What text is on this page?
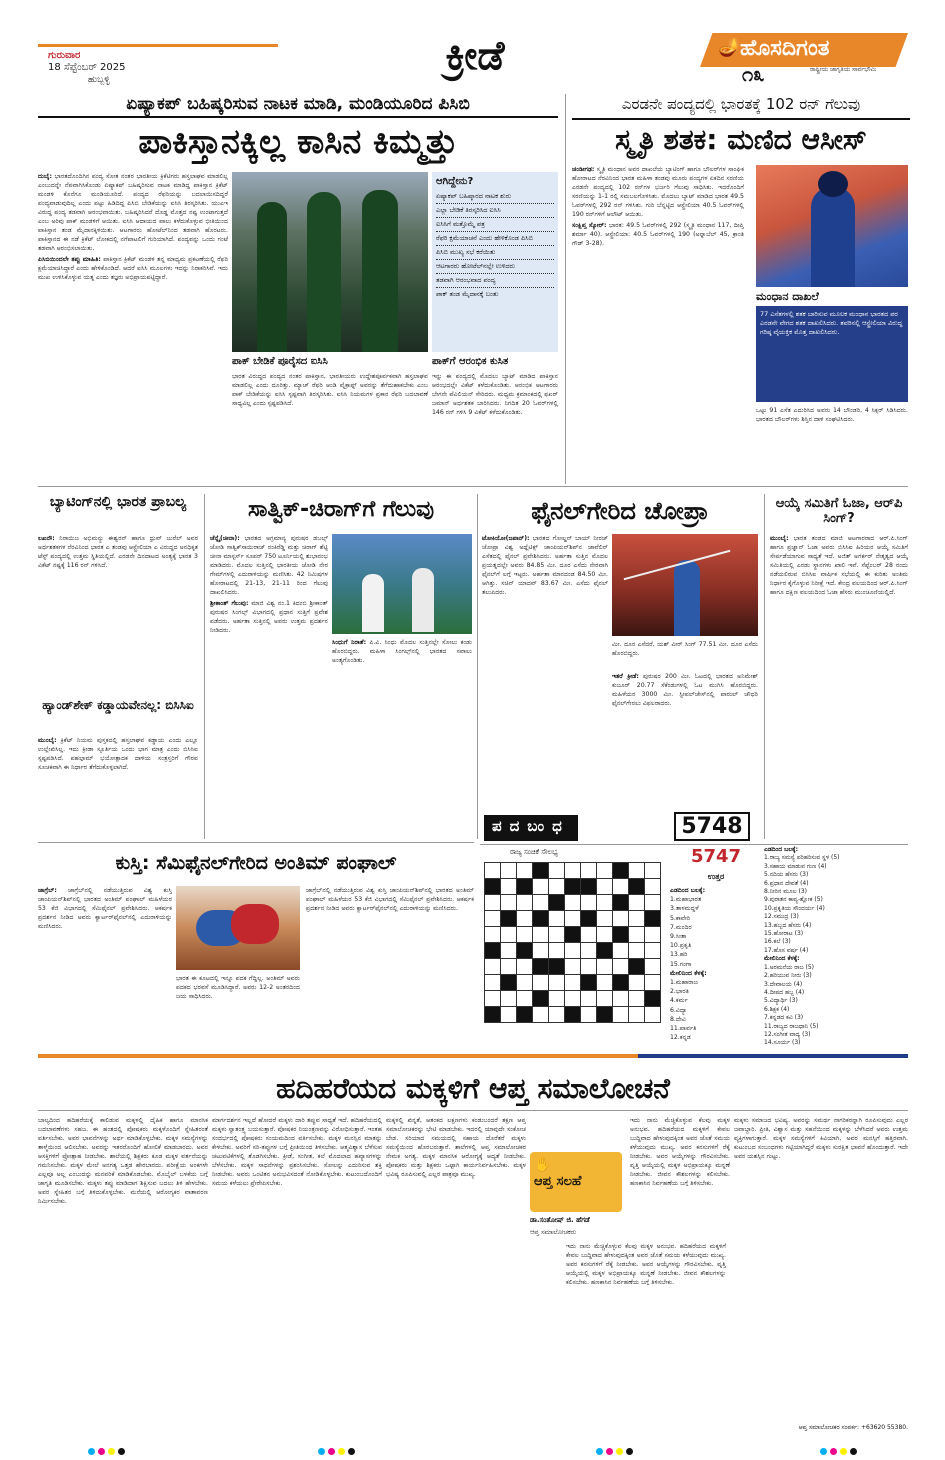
ಗುರುವಾರ
18 ಸೆಪ್ಟೆಂಬರ್ 2025
ಹುಬ್ಬಳ್ಳಿ
ಕ್ರೀಡೆ	🪔 ಹೊಸದಿಗಂತ
ರಾಷ್ಟ್ರೀಯ ಜಾಗೃತಿಯ ಸಾರ್ವಭೌಮಿ
೧೩
ಏಷ್ಯಾಕಪ್ ಬಹಿಷ್ಕರಿಸುವ ನಾಟಕ ಮಾಡಿ, ಮಂಡಿಯೂರಿದ ಪಿಸಿಬಿ
ಪಾಕಿಸ್ತಾನಕ್ಕಿಲ್ಲ ಕಾಸಿನ ಕಿಮ್ಮತ್ತು

ದುಬೈ: ಭಾರತದೊಂದಿಗಿನ ಪಂದ್ಯ ಸೋತ ನಂತರ ಭಾರತೀಯ ಕ್ರಿಕೆಟಿಗರು ಹಸ್ತಲಾಘವ ಮಾಡಲಿಲ್ಲ ಎಂಬುದನ್ನೇ ನೆಪವಾಗಿಸಿಕೊಂಡು ಏಷ್ಯಾಕಪ್ ಬಹಿಷ್ಕರಿಸುವ ನಾಟಕ ಮಾಡಿದ್ದ ಪಾಕಿಸ್ತಾನ ಕ್ರಿಕೆಟ್ ಮಂಡಳಿ ಕೊನೆಗೂ ಮಂಡಿಯೂರಿದೆ. ಪಂದ್ಯದ ರೆಫರಿಯನ್ನು ಬದಲಾಯಿಸದಿದ್ದರೆ ಪಂದ್ಯವಾಡುವುದಿಲ್ಲ ಎಂದು ಪಟ್ಟು ಹಿಡಿದಿದ್ದ ಪಿಸಿಬಿ ಬೇಡಿಕೆಯನ್ನು ಐಸಿಸಿ ತಿರಸ್ಕರಿಸಿತು. ಯುಎಇ ವಿರುದ್ಧ ಪಂದ್ಯ ತಡವಾಗಿ ಆರಂಭವಾಯಿತು. ಬಹಿಷ್ಕರಿಸಿದರೆ ದೊಡ್ಡ ಮೊತ್ತದ ನಷ್ಟ ಉಂಟಾಗುತ್ತದೆ ಎಂಬ ಅರಿವು ಪಾಕ್ ಮಂಡಳಿಗೆ ಆಯಿತು. ಐಸಿಸಿ ಆದಾಯದ ಪಾಲು ಕಳೆದುಕೊಳ್ಳುವ ಭೀತಿಯಿಂದ ಪಾಕಿಸ್ತಾನ ತಂಡ ಮೈದಾನಕ್ಕಿಳಿಯಿತು. ಆಟಗಾರರು ಹೋಟೆಲ್‌ನಿಂದ ತಡವಾಗಿ ಹೊರಟರು. ಪಾಕಿಸ್ತಾನದ ಈ ನಡೆ ಕ್ರಿಕೆಟ್ ಲೋಕದಲ್ಲಿ ನಗೆಪಾಟಲಿಗೆ ಗುರಿಯಾಗಿದೆ. ಪಂದ್ಯವನ್ನು ಒಂದು ಗಂಟೆ ತಡವಾಗಿ ಆರಂಭಿಸಲಾಯಿತು.

ಪಿಸಿಬಿಯಿಂದಲೇ ತಪ್ಪು ಮಾಹಿತಿ: ಪಾಕಿಸ್ತಾನ ಕ್ರಿಕೆಟ್ ಮಂಡಳಿ ತನ್ನ ಮಾಧ್ಯಮ ಪ್ರಕಟಣೆಯಲ್ಲಿ ರೆಫರಿ ಕ್ಷಮೆಯಾಚಿಸಿದ್ದಾರೆ ಎಂದು ಹೇಳಿಕೊಂಡಿದೆ. ಆದರೆ ಐಸಿಸಿ ಮೂಲಗಳು ಇದನ್ನು ನಿರಾಕರಿಸಿವೆ. ಇದು ಮುಖ ಉಳಿಸಿಕೊಳ್ಳುವ ಯತ್ನ ಎಂದು ತಜ್ಞರು ಅಭಿಪ್ರಾಯಪಟ್ಟಿದ್ದಾರೆ.

ಪಾಕ್ ಬೇಡಿಕೆ ಪೂರೈಸದ ಐಸಿಸಿ
ಭಾರತ ವಿರುದ್ಧದ ಪಂದ್ಯದ ನಂತರ ಪಾಕಿಸ್ತಾನ, ಭಾರತೀಯರು ಉದ್ದೇಶಪೂರ್ವಕವಾಗಿ ಹಸ್ತಲಾಘವ ಮಾಡಲಿಲ್ಲ ಎಂದು ದೂರಿತ್ತು. ಮ್ಯಾಚ್ ರೆಫರಿ ಆಂಡಿ ಪೈಕ್ರಾಫ್ಟ್ ಅವರನ್ನು ತೆಗೆದುಹಾಕಬೇಕು ಎಂಬ ಪಾಕ್ ಬೇಡಿಕೆಯನ್ನು ಐಸಿಸಿ ಸ್ಪಷ್ಟವಾಗಿ ತಿರಸ್ಕರಿಸಿತು. ಐಸಿಸಿ ನಿಯಮಗಳ ಪ್ರಕಾರ ರೆಫರಿ ಬದಲಾವಣೆ ಸಾಧ್ಯವಿಲ್ಲ ಎಂದು ಸ್ಪಷ್ಟಪಡಿಸಿದೆ.
ಆಗಿದ್ದೇನು?
ಏಷ್ಯಾಕಪ್ ಬಹಿಷ್ಕಾರದ ನಾಟಕ ಶುರು
ಎಲ್ಲಾ ಬೇಡಿಕೆ ತಿರಸ್ಕರಿಸಿದ ಐಸಿಸಿ
ಐಸಿಸಿಗೆ ಮತ್ತೊಮ್ಮೆ ಪತ್ರ
ರೆಫರಿ ಕ್ಷಮೆಯಾಚನೆ ಎಂದು ಹೇಳಿಕೊಂಡ ಪಿಸಿಬಿ
ಪಿಸಿಬಿ ಮುಖ್ಯ ಸಭೆ ಕರೆಯಿತು
ಆಟಗಾರರು ಹೋಟೆಲ್‌ನಲ್ಲೇ ಉಳಿದರು
ತಡವಾಗಿ ಆರಂಭವಾದ ಪಂದ್ಯ
ಪಾಕ್ ತಂಡ ಮೈದಾನಕ್ಕೆ ಬಂತು
ಪಾಕ್‌ಗೆ ಆರಂಭಿಕ ಕುಸಿತ
ಇನ್ನು ಈ ಪಂದ್ಯದಲ್ಲಿ ಮೊದಲು ಬ್ಯಾಟ್ ಮಾಡಿದ ಪಾಕಿಸ್ತಾನ ಆರಂಭದಲ್ಲೇ ವಿಕೆಟ್ ಕಳೆದುಕೊಂಡಿತು. ಆರಂಭಿಕ ಆಟಗಾರರು ಬೇಗನೇ ಪೆವಿಲಿಯನ್ ಸೇರಿದರು. ಮಧ್ಯಮ ಕ್ರಮಾಂಕದಲ್ಲಿ ಫಖರ್ ಜಮಾನ್ ಅರ್ಧಶತಕ ಬಾರಿಸಿದರು. ನಿಗದಿತ 20 ಓವರ್‌ಗಳಲ್ಲಿ 146 ರನ್ ಗಳಿಸಿ 9 ವಿಕೆಟ್ ಕಳೆದುಕೊಂಡಿತು.
ಎರಡನೇ ಪಂದ್ಯದಲ್ಲಿ ಭಾರತಕ್ಕೆ 102 ರನ್ ಗೆಲುವು
ಸ್ಮೃತಿ ಶತಕ: ಮಣಿದ ಆಸೀಸ್

ಚಂಡೀಗಢ: ಸ್ಮೃತಿ ಮಂಧಾನ ಅವರ ದಾಖಲೆಯ ಬ್ಯಾಟಿಂಗ್ ಹಾಗೂ ಬೌಲರ್‌ಗಳ ಸಾಂಘಿಕ ಹೋರಾಟದ ನೆರವಿನಿಂದ ಭಾರತ ಮಹಿಳಾ ತಂಡವು ಮೂರು ಪಂದ್ಯಗಳ ಏಕದಿನ ಸರಣಿಯ ಎರಡನೇ ಪಂದ್ಯದಲ್ಲಿ 102 ರನ್‌ಗಳ ಭರ್ಜರಿ ಗೆಲುವು ಸಾಧಿಸಿತು. ಇದರೊಂದಿಗೆ ಸರಣಿಯನ್ನು 1-1 ರಲ್ಲಿ ಸಮಬಲಗೊಳಿಸಿತು. ಮೊದಲು ಬ್ಯಾಟ್ ಮಾಡಿದ ಭಾರತ 49.5 ಓವರ್‌ಗಳಲ್ಲಿ 292 ರನ್ ಗಳಿಸಿತು. ಗುರಿ ಬೆನ್ನಟ್ಟಿದ ಆಸ್ಟ್ರೇಲಿಯಾ 40.5 ಓವರ್‌ಗಳಲ್ಲಿ 190 ರನ್‌ಗಳಿಗೆ ಆಲೌಟ್ ಆಯಿತು.

ಸಂಕ್ಷಿಪ್ತ ಸ್ಕೋರ್: ಭಾರತ: 49.5 ಓವರ್‌ಗಳಲ್ಲಿ 292 (ಸ್ಮೃತಿ ಮಂಧಾನ 117, ದೀಪ್ತಿ ಶರ್ಮಾ 40). ಆಸ್ಟ್ರೇಲಿಯಾ: 40.5 ಓವರ್‌ಗಳಲ್ಲಿ 190 (ಅನ್ನಾಬೆಲ್ 45, ಕ್ರಾಂತಿ ಗೌಡ್ 3-28).

ಮಂಧಾನ ದಾಖಲೆ
77 ಎಸೆತಗಳಲ್ಲಿ ಶತಕ ಬಾರಿಸುವ ಮೂಲಕ ಮಂಧಾನ ಭಾರತದ ಪರ ಎರಡನೇ ವೇಗದ ಶತಕ ದಾಖಲಿಸಿದರು. ತವರಿನಲ್ಲಿ ಆಸ್ಟ್ರೇಲಿಯಾ ವಿರುದ್ಧ ಗರಿಷ್ಠ ವೈಯಕ್ತಿಕ ಮೊತ್ತ ದಾಖಲಿಸಿದರು.
ಒಟ್ಟು 91 ಎಸೆತ ಎದುರಿಸಿದ ಅವರು 14 ಬೌಂಡರಿ, 4 ಸಿಕ್ಸರ್ ಸಿಡಿಸಿದರು. ಭಾರತದ ಬೌಲರ್‌ಗಳು ಶಿಸ್ತಿನ ದಾಳಿ ಸಂಘಟಿಸಿದರು.
ಬ್ಯಾಟಿಂಗ್‌ನಲ್ಲಿ ಭಾರತ ಪ್ರಾಬಲ್ಯ
ಲಖನೌ: ನಿರಾಯಿಜ ಅಭಿಮನ್ಯು ಈಶ್ವರನ್ ಹಾಗೂ ಧ್ರುವ್ ಜುರೆಲ್ ಅವರ ಅರ್ಧಶತಕಗಳ ನೆರವಿನಿಂದ ಭಾರತ ಎ ತಂಡವು ಆಸ್ಟ್ರೇಲಿಯಾ ಎ ವಿರುದ್ಧದ ಅನಧಿಕೃತ ಟೆಸ್ಟ್ ಪಂದ್ಯದಲ್ಲಿ ಉತ್ತಮ ಸ್ಥಿತಿಯಲ್ಲಿದೆ. ಎರಡನೇ ದಿನದಾಟದ ಅಂತ್ಯಕ್ಕೆ ಭಾರತ 3 ವಿಕೆಟ್ ನಷ್ಟಕ್ಕೆ 116 ರನ್ ಗಳಿಸಿದೆ.
ಹ್ಯಾಂಡ್‌ಶೇಕ್ ಕಡ್ಡಾಯವೇನಲ್ಲ: ಬಿಸಿಸಿಐ
ಮುಂಬೈ: ಕ್ರಿಕೆಟ್ ನಿಯಮ ಪುಸ್ತಕದಲ್ಲಿ ಹಸ್ತಲಾಘವ ಕಡ್ಡಾಯ ಎಂದು ಎಲ್ಲೂ ಉಲ್ಲೇಖಿಸಿಲ್ಲ. ಇದು ಕ್ರೀಡಾ ಸ್ಫೂರ್ತಿಯ ಒಂದು ಭಾಗ ಮಾತ್ರ ಎಂದು ಬಿಸಿಸಿಐ ಸ್ಪಷ್ಟಪಡಿಸಿದೆ. ಪಹಲ್ಗಾಮ್ ಭಯೋತ್ಪಾದಕ ದಾಳಿಯ ಸಂತ್ರಸ್ತರಿಗೆ ಗೌರವ ಸೂಚಕವಾಗಿ ಈ ನಿರ್ಧಾರ ತೆಗೆದುಕೊಳ್ಳಲಾಗಿದೆ.
ಸಾತ್ವಿಕ್-ಚಿರಾಗ್‌ಗೆ ಗೆಲುವು

ಚೆನ್ನೈ(ಚೀನಾ): ಭಾರತದ ಅಗ್ರಮಾನ್ಯ ಪುರುಷರ ಡಬಲ್ಸ್ ಜೋಡಿ ಸಾತ್ವಿಕ್‌ಸಾಯಿರಾಜ್ ರಂಕಿರೆಡ್ಡಿ ಮತ್ತು ಚಿರಾಗ್ ಶೆಟ್ಟಿ ಚೀನಾ ಮಾಸ್ಟರ್ಸ್ ಸೂಪರ್ 750 ಟೂರ್ನಿಯಲ್ಲಿ ಶುಭಾರಂಭ ಮಾಡಿದರು. ಮೊದಲ ಸುತ್ತಿನಲ್ಲಿ ಭಾರತೀಯ ಜೋಡಿ ನೇರ ಗೇಮ್‌ಗಳಲ್ಲಿ ಎದುರಾಳಿಯನ್ನು ಮಣಿಸಿತು. 42 ನಿಮಿಷಗಳ ಹೋರಾಟದಲ್ಲಿ 21-13, 21-11 ರಿಂದ ಗೆಲುವು ದಾಖಲಿಸಿದರು.

ಶ್ರೀಕಾಂತ್ ಗೆಲುವು: ಮಾಜಿ ವಿಶ್ವ ನಂ.1 ಕಿದಂಬಿ ಶ್ರೀಕಾಂತ್ ಪುರುಷರ ಸಿಂಗಲ್ಸ್ ವಿಭಾಗದಲ್ಲಿ ಪ್ರಧಾನ ಸುತ್ತಿಗೆ ಪ್ರವೇಶ ಪಡೆದರು. ಅರ್ಹತಾ ಸುತ್ತಿನಲ್ಲಿ ಅವರು ಉತ್ತಮ ಪ್ರದರ್ಶನ ನೀಡಿದರು.

ಸಿಂಧುಗೆ ನಿರಾಶೆ: ಪಿ.ವಿ. ಸಿಂಧು ಮೊದಲ ಸುತ್ತಿನಲ್ಲೇ ಸೋಲು ಕಂಡು ಹೊರಬಿದ್ದರು. ಮಹಿಳಾ ಸಿಂಗಲ್ಸ್‌ನಲ್ಲಿ ಭಾರತದ ಸವಾಲು ಅಂತ್ಯಗೊಂಡಿತು.

ಫೈನಲ್‌ಗೇರಿದ ಚೋಪ್ರಾ

ಟೋಕಿಯೋ(ಜಪಾನ್): ಭಾರತದ ಗೋಲ್ಡನ್ ಬಾಯ್ ನೀರಜ್ ಚೋಪ್ರಾ ವಿಶ್ವ ಅಥ್ಲೆಟಿಕ್ಸ್ ಚಾಂಪಿಯನ್‌ಶಿಪ್‌ನ ಜಾವೆಲಿನ್ ಎಸೆತದಲ್ಲಿ ಫೈನಲ್ ಪ್ರವೇಶಿಸಿದರು. ಅರ್ಹತಾ ಸುತ್ತಿನ ಮೊದಲ ಪ್ರಯತ್ನದಲ್ಲೇ ಅವರು 84.85 ಮೀ. ದೂರ ಎಸೆದು ನೇರವಾಗಿ ಫೈನಲ್‌ಗೆ ಲಗ್ಗೆ ಇಟ್ಟರು. ಅರ್ಹತಾ ಮಾನದಂಡ 84.50 ಮೀ. ಆಗಿತ್ತು. ಸಚಿನ್ ಯಾದವ್ 83.67 ಮೀ. ಎಸೆದು ಫೈನಲ್ ತಲುಪಿದರು.

ಮೀ. ದೂರ ಎಸೆದರೆ, ಯಶ್ ವೀರ್ ಸಿಂಗ್ 77.51 ಮೀ. ದೂರ ಎಸೆದು ಹೊರಬಿದ್ದರು.
ಇತರೆ ಕ್ರೀಡೆ: ಪುರುಷರ 200 ಮೀ. ಓಟದಲ್ಲಿ ಭಾರತದ ಅನಿಮೇಶ್ ಕುಜೂರ್ 20.77 ಸೆಕೆಂಡುಗಳಲ್ಲಿ ಓಟ ಮುಗಿಸಿ ಹೊರಬಿದ್ದರು. ಮಹಿಳೆಯರ 3000 ಮೀ. ಸ್ಟೀಪಲ್‌ಚೇಸ್‌ನಲ್ಲಿ ಪಾರುಲ್ ಚೌಧರಿ ಫೈನಲ್‌ಗೇರಲು ವಿಫಲರಾದರು.
ಆಯ್ಕೆ ಸಮಿತಿಗೆ ಓಜಾ, ಆರ್‌ಪಿ ಸಿಂಗ್?
ಮುಂಬೈ: ಭಾರತ ತಂಡದ ಮಾಜಿ ಆಟಗಾರರಾದ ಆರ್.ಪಿ.ಸಿಂಗ್ ಹಾಗೂ ಪ್ರಜ್ಞಾನ್ ಓಜಾ ಅವರು ಬಿಸಿಸಿಐ ಹಿರಿಯರ ಆಯ್ಕೆ ಸಮಿತಿಗೆ ಸೇರ್ಪಡೆಯಾಗುವ ಸಾಧ್ಯತೆ ಇದೆ. ಅಜಿತ್ ಅಗರ್ಕರ್ ನೇತೃತ್ವದ ಆಯ್ಕೆ ಸಮಿತಿಯಲ್ಲಿ ಎರಡು ಸ್ಥಾನಗಳು ಖಾಲಿ ಇವೆ. ಸೆಪ್ಟೆಂಬರ್ 28 ರಂದು ನಡೆಯಲಿರುವ ಬಿಸಿಸಿಐ ವಾರ್ಷಿಕ ಸಭೆಯಲ್ಲಿ ಈ ಕುರಿತು ಅಂತಿಮ ನಿರ್ಧಾರ ಕೈಗೊಳ್ಳುವ ನಿರೀಕ್ಷೆ ಇದೆ. ಕೇಂದ್ರ ವಲಯದಿಂದ ಆರ್.ಪಿ.ಸಿಂಗ್ ಹಾಗೂ ದಕ್ಷಿಣ ವಲಯದಿಂದ ಓಜಾ ಹೆಸರು ಮುಂಚೂಣಿಯಲ್ಲಿದೆ.
ಪದಬಂಧ	5748
5747
ಉತ್ತರ
ರಾಜ್ಯ ಸಂಚಿಕೆ ಸೌಲಭ್ಯ

ಎಡದಿಂದ ಬಲಕ್ಕೆ:
1.ಮಹಾಭಾರತ
3.ತಾಳಮದ್ದಳೆ
5.ಕಾವೇರಿ
7.ಮಂದಿರ
9.ಸೀತಾ
10.ಪ್ರಕೃತಿ
13.ಹರಿ
15.ಗಂಗಾ
ಮೇಲಿನಿಂದ ಕೆಳಕ್ಕೆ:
1.ಮಹಾರಾಜ
2.ಭಾರತಿ
4.ಕರ್ಮ
6.ವಿದ್ಯಾ
8.ದೇವಿ
11.ಪಾರ್ವತಿ
12.ಕನ್ನಡ
ಎಡದಿಂದ ಬಲಕ್ಕೆ:
1.ರಾಜ್ಯ ಸಮಸ್ಯೆ ಪರಿಹರಿಸುವ ಸ್ಥಳ (5)
3.ಸಹಾಯ ಮಾಡುವ ಗುಣ (4)
5.ನದಿಯ ಹೆಸರು (3)
6.ಪ್ರಧಾನ ದೇವತೆ (4)
8.ನೀರಿನ ಮೂಲ (3)
9.ಪುರಾತನ ಕಾವ್ಯ-ಶ್ಲೋಕ (5)
10.ಪ್ರಕೃತಿಯ ಸೌಂದರ್ಯ (4)
12.ಸಮುದ್ರ (3)
13.ಹಬ್ಬದ ಹೆಸರು (4)
15.ಹೋರಾಟ (3)
16.ಕಲೆ (3)
17.ಹೊಸ ವರ್ಷ (4)
ಮೇಲಿನಿಂದ ಕೆಳಕ್ಕೆ:
1.ಅರಮನೆಯ ರಾಜ (5)
2.ಹರಿಯುವ ನೀರು (3)
3.ದೇವಾಲಯ (4)
4.ದೀಪದ ಹಬ್ಬ (4)
5.ವಿದ್ಯಾರ್ಥಿ (3)
6.ಶಿಕ್ಷಕ (4)
7.ಕನ್ನಡದ ಕವಿ (3)
11.ರಾಜ್ಯದ ರಾಜಧಾನಿ (5)
12.ಸಂಗೀತ ವಾದ್ಯ (3)
14.ಸೂರ್ಯ (3)
ಕುಸ್ತಿ: ಸೆಮಿಫೈನಲ್‌ಗೇರಿದ ಅಂತಿಮ್ ಪಂಘಾಲ್
ಜಾಗ್ರೆಬ್: ಜಾಗ್ರೆಬ್‌ನಲ್ಲಿ ನಡೆಯುತ್ತಿರುವ ವಿಶ್ವ ಕುಸ್ತಿ ಚಾಂಪಿಯನ್‌ಶಿಪ್‌ನಲ್ಲಿ ಭಾರತದ ಅಂತಿಮ್ ಪಂಘಾಲ್ ಮಹಿಳೆಯರ 53 ಕೆಜಿ ವಿಭಾಗದಲ್ಲಿ ಸೆಮಿಫೈನಲ್ ಪ್ರವೇಶಿಸಿದರು. ಆಕರ್ಷಕ ಪ್ರದರ್ಶನ ನೀಡಿದ ಅವರು ಕ್ವಾರ್ಟರ್‌ಫೈನಲ್‌ನಲ್ಲಿ ಎದುರಾಳಿಯನ್ನು ಮಣಿಸಿದರು.
ಭಾರತ ಈ ಕೂಟದಲ್ಲಿ ಇನ್ನೂ ಪದಕ ಗೆದ್ದಿಲ್ಲ. ಅಂತಿಮ್ ಅವರು ಪದಕದ ಭರವಸೆ ಮೂಡಿಸಿದ್ದಾರೆ. ಅವರು 12-2 ಅಂತರದಿಂದ ಜಯ ಸಾಧಿಸಿದರು.
ಜಾಗ್ರೆಬ್‌ನಲ್ಲಿ ನಡೆಯುತ್ತಿರುವ ವಿಶ್ವ ಕುಸ್ತಿ ಚಾಂಪಿಯನ್‌ಶಿಪ್‌ನಲ್ಲಿ ಭಾರತದ ಅಂತಿಮ್ ಪಂಘಾಲ್ ಮಹಿಳೆಯರ 53 ಕೆಜಿ ವಿಭಾಗದಲ್ಲಿ ಸೆಮಿಫೈನಲ್ ಪ್ರವೇಶಿಸಿದರು. ಆಕರ್ಷಕ ಪ್ರದರ್ಶನ ನೀಡಿದ ಅವರು ಕ್ವಾರ್ಟರ್‌ಫೈನಲ್‌ನಲ್ಲಿ ಎದುರಾಳಿಯನ್ನು ಮಣಿಸಿದರು.
ಹದಿಹರೆಯದ ಮಕ್ಕಳಿಗೆ ಆಪ್ತ ಸಮಾಲೋಚನೆ
ಬಾಲ್ಯದಿಂದ ಹದಿಹರೆಯಕ್ಕೆ ಕಾಲಿಡುವ ಮಕ್ಕಳಲ್ಲಿ ದೈಹಿಕ ಹಾಗೂ ಮಾನಸಿಕ ಬದಲಾವಣೆಗಳು ಸಹಜ. ಈ ಹಂತದಲ್ಲಿ ಪೋಷಕರು ಮಕ್ಕಳೊಂದಿಗೆ ಸ್ನೇಹಿತರಂತೆ ವರ್ತಿಸಬೇಕು. ಅವರ ಭಾವನೆಗಳನ್ನು ಅರ್ಥ ಮಾಡಿಕೊಳ್ಳಬೇಕು. ಮಕ್ಕಳ ಸಮಸ್ಯೆಗಳನ್ನು ತಾಳ್ಮೆಯಿಂದ ಆಲಿಸಬೇಕು. ಅವರನ್ನು ಇತರರೊಂದಿಗೆ ಹೋಲಿಕೆ ಮಾಡಬಾರದು. ಅವರ ಆಸಕ್ತಿಗಳಿಗೆ ಪ್ರೋತ್ಸಾಹ ನೀಡಬೇಕು. ಶಾಲೆಯಲ್ಲಿ ಶಿಕ್ಷಕರು ಕೂಡ ಮಕ್ಕಳ ವರ್ತನೆಯನ್ನು ಗಮನಿಸಬೇಕು. ಮಕ್ಕಳ ಮೇಲೆ ಅನಗತ್ಯ ಒತ್ತಡ ಹೇರಬಾರದು. ಪರೀಕ್ಷೆಯ ಅಂಕಗಳೇ ಎಲ್ಲವೂ ಅಲ್ಲ ಎಂಬುದನ್ನು ಮನವರಿಕೆ ಮಾಡಿಕೊಡಬೇಕು. ಮೊಬೈಲ್ ಬಳಕೆಯ ಬಗ್ಗೆ ಜಾಗೃತಿ ಮೂಡಿಸಬೇಕು. ಮಕ್ಕಳು ತಪ್ಪು ಮಾಡಿದಾಗ ಶಿಕ್ಷಿಸುವ ಬದಲು ತಿಳಿ ಹೇಳಬೇಕು. ಅವರ ಸ್ನೇಹಿತರ ಬಗ್ಗೆ ತಿಳಿದುಕೊಳ್ಳಬೇಕು. ಮನೆಯಲ್ಲಿ ಆರೋಗ್ಯಕರ ವಾತಾವರಣ ನಿರ್ಮಿಸಬೇಕು.
ಮಾರ್ಗದರ್ಶನ ಇಲ್ಲದೆ ಹೋದರೆ ಮಕ್ಕಳು ದಾರಿ ತಪ್ಪುವ ಸಾಧ್ಯತೆ ಇದೆ. ಹದಿಹರೆಯದಲ್ಲಿ ಮಕ್ಕಳು ಸ್ವಾತಂತ್ರ್ಯ ಬಯಸುತ್ತಾರೆ. ಪೋಷಕರ ನಿಯಂತ್ರಣವನ್ನು ವಿರೋಧಿಸುತ್ತಾರೆ. ಇಂತಹ ಸಂದರ್ಭದಲ್ಲಿ ಪೋಷಕರು ಸಂಯಮದಿಂದ ವರ್ತಿಸಬೇಕು. ಮಕ್ಕಳ ಮನಸ್ಸಿನ ಮಾತನ್ನು ಕೇಳಬೇಕು. ಅವರಿಗೆ ಸರಿ-ತಪ್ಪುಗಳ ಬಗ್ಗೆ ಪ್ರೀತಿಯಿಂದ ತಿಳಿಸಬೇಕು. ಆತ್ಮವಿಶ್ವಾಸ ಬೆಳೆಸುವ ಚಟುವಟಿಕೆಗಳಲ್ಲಿ ತೊಡಗಿಸಬೇಕು. ಕ್ರೀಡೆ, ಸಂಗೀತ, ಕಲೆ ಮೊದಲಾದ ಹವ್ಯಾಸಗಳನ್ನು ಬೆಳೆಸಬೇಕು. ಮಕ್ಕಳ ಸಾಧನೆಗಳನ್ನು ಪ್ರಶಂಸಿಸಬೇಕು. ಸೋಲನ್ನು ಎದುರಿಸುವ ಶಕ್ತಿ ನೀಡಬೇಕು. ಅವರು ಒಂಟಿತನ ಅನುಭವಿಸದಂತೆ ನೋಡಿಕೊಳ್ಳಬೇಕು. ಕುಟುಂಬದೊಂದಿಗೆ ಸಮಯ ಕಳೆಯಲು ಪ್ರೇರೇಪಿಸಬೇಕು.
ಮಕ್ಕಳಲ್ಲಿ ಖಿನ್ನತೆ, ಆತಂಕದ ಲಕ್ಷಣಗಳು ಕಂಡುಬಂದರೆ ತಕ್ಷಣ ಆಪ್ತ ಸಮಾಲೋಚಕರನ್ನು ಭೇಟಿ ಮಾಡಬೇಕು. ಇದರಲ್ಲಿ ಯಾವುದೇ ಸಂಕೋಚ ಬೇಡ. ಸರಿಯಾದ ಸಮಯದಲ್ಲಿ ಸಹಾಯ ದೊರೆತರೆ ಮಕ್ಕಳು ಸಮಸ್ಯೆಯಿಂದ ಹೊರಬರುತ್ತಾರೆ. ಶಾಲೆಗಳಲ್ಲಿ ಆಪ್ತ ಸಮಾಲೋಚಕರ ನೇಮಕ ಅಗತ್ಯ. ಮಕ್ಕಳ ಮಾನಸಿಕ ಆರೋಗ್ಯಕ್ಕೆ ಆದ್ಯತೆ ನೀಡಬೇಕು. ಪೋಷಕರು ಮತ್ತು ಶಿಕ್ಷಕರು ಒಟ್ಟಾಗಿ ಕಾರ್ಯನಿರ್ವಹಿಸಬೇಕು. ಮಕ್ಕಳ ಭವಿಷ್ಯ ರೂಪಿಸುವಲ್ಲಿ ಎಲ್ಲರ ಪಾತ್ರವೂ ಮುಖ್ಯ.
✋
ಆಪ್ತ ಸಲಹೆ
ಡಾ.ಸಂತೋಷ್ ಜಿ. ಹೆಗಡೆ
ಆಪ್ತ ಸಮಾಲೋಚಕರು
ಇದು ನಾನು ಮೆಚ್ಚಿಕೊಳ್ಳುವ ಕೆಲವು ಮಕ್ಕಳ ಅನುಭವ. ಹದಿಹರೆಯದ ಮಕ್ಕಳಿಗೆ ಕೇವಲ ಬುದ್ಧಿವಾದ ಹೇಳುವುದಕ್ಕಿಂತ ಅವರ ಜೊತೆ ಸಮಯ ಕಳೆಯುವುದು ಮುಖ್ಯ. ಅವರ ಕನಸುಗಳಿಗೆ ರೆಕ್ಕೆ ನೀಡಬೇಕು. ಅವರ ಆಯ್ಕೆಗಳನ್ನು ಗೌರವಿಸಬೇಕು. ವೃತ್ತಿ ಆಯ್ಕೆಯಲ್ಲಿ ಮಕ್ಕಳ ಅಭಿಪ್ರಾಯಕ್ಕೂ ಮನ್ನಣೆ ನೀಡಬೇಕು. ಜೀವನ ಕೌಶಲಗಳನ್ನು ಕಲಿಸಬೇಕು. ಹಣಕಾಸಿನ ನಿರ್ವಹಣೆಯ ಬಗ್ಗೆ ತಿಳಿಸಬೇಕು.
ಇದು ನಾನು ಮೆಚ್ಚಿಕೊಳ್ಳುವ ಕೆಲವು ಮಕ್ಕಳ ಅನುಭವ. ಹದಿಹರೆಯದ ಮಕ್ಕಳಿಗೆ ಕೇವಲ ಬುದ್ಧಿವಾದ ಹೇಳುವುದಕ್ಕಿಂತ ಅವರ ಜೊತೆ ಸಮಯ ಕಳೆಯುವುದು ಮುಖ್ಯ. ಅವರ ಕನಸುಗಳಿಗೆ ರೆಕ್ಕೆ ನೀಡಬೇಕು. ಅವರ ಆಯ್ಕೆಗಳನ್ನು ಗೌರವಿಸಬೇಕು. ವೃತ್ತಿ ಆಯ್ಕೆಯಲ್ಲಿ ಮಕ್ಕಳ ಅಭಿಪ್ರಾಯಕ್ಕೂ ಮನ್ನಣೆ ನೀಡಬೇಕು. ಜೀವನ ಕೌಶಲಗಳನ್ನು ಕಲಿಸಬೇಕು. ಹಣಕಾಸಿನ ನಿರ್ವಹಣೆಯ ಬಗ್ಗೆ ತಿಳಿಸಬೇಕು.
ಮಕ್ಕಳು ಸಮಾಜದ ಭವಿಷ್ಯ. ಅವರನ್ನು ಸಮರ್ಥ ನಾಗರಿಕರನ್ನಾಗಿ ರೂಪಿಸುವುದು ಎಲ್ಲರ ಜವಾಬ್ದಾರಿ. ಪ್ರೀತಿ, ವಿಶ್ವಾಸ ಮತ್ತು ಸಹನೆಯಿಂದ ಮಕ್ಕಳನ್ನು ಬೆಳೆಸಿದರೆ ಅವರು ಉತ್ತಮ ವ್ಯಕ್ತಿಗಳಾಗುತ್ತಾರೆ. ಮಕ್ಕಳ ಸಮಸ್ಯೆಗಳಿಗೆ ಕಿವಿಯಾಗಿ, ಅವರ ಮನಸ್ಸಿಗೆ ಹತ್ತಿರವಾಗಿ. ಕುಟುಂಬದ ಸಂಬಂಧಗಳು ಗಟ್ಟಿಯಾಗಿದ್ದರೆ ಮಕ್ಕಳು ಸುರಕ್ಷಿತ ಭಾವನೆ ಹೊಂದುತ್ತಾರೆ. ಇದೇ ಅವರ ಯಶಸ್ಸಿನ ಗುಟ್ಟು.
ಆಪ್ತ ಸಮಾಲೋಚಕರ ಸಂಪರ್ಕ: +63620 55380.
